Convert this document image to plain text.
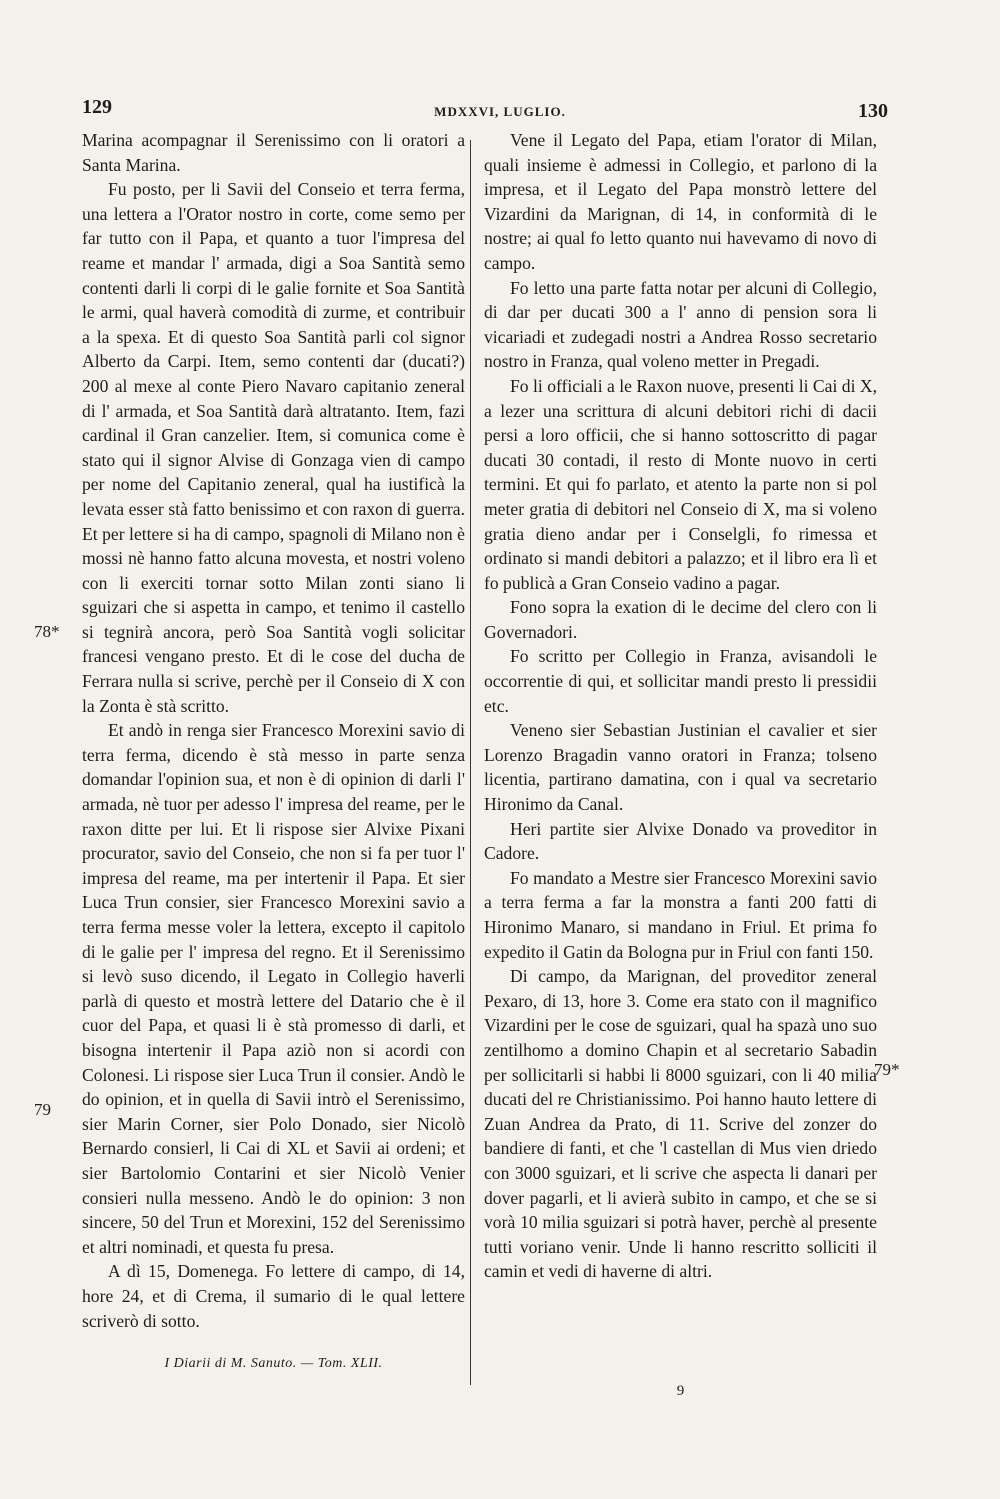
129	MDXXVI, LUGLIO.	130

Marina acompagnar il Serenissimo con li oratori a Santa Marina.

Fu posto, per li Savii del Conseio et terra ferma, una lettera a l'Orator nostro in corte, come semo per far tutto con il Papa, et quanto a tuor l'impresa del reame et mandar l' armada, digi a Soa Santità semo contenti darli li corpi di le galie fornite et Soa Santità le armi, qual haverà comodità di zurme, et contribuir a la spexa. Et di questo Soa Santità parli col signor Alberto da Carpi. Item, semo contenti dar (ducati?) 200 al mexe al conte Piero Navaro capitanio zeneral di l' armada, et Soa Santità darà altratanto. Item, fazi cardinal il Gran canzelier. Item, si comunica come è stato qui il signor Alvise di Gonzaga vien di campo per nome del Capitanio zeneral, qual ha iustificà la levata esser stà fatto benissimo et con raxon di guerra. Et per lettere si ha di campo, spagnoli di Milano non è mossi nè hanno fatto alcuna movesta, et nostri voleno con li exerciti tornar sotto Milan zonti siano li sguizari che si aspetta in campo, et tenimo il castello si tegnirà ancora, però Soa Santità vogli solicitar francesi vengano presto. Et di le cose del ducha de Ferrara nulla si scrive, perchè per il Conseio di X con la Zonta è stà scritto.

Et andò in renga sier Francesco Morexini savio di terra ferma, dicendo è stà messo in parte senza domandar l'opinion sua, et non è di opinion di darli l' armada, nè tuor per adesso l' impresa del reame, per le raxon ditte per lui. Et li rispose sier Alvixe Pixani procurator, savio del Conseio, che non si fa per tuor l' impresa del reame, ma per intertenir il Papa. Et sier Luca Trun consier, sier Francesco Morexini savio a terra ferma messe voler la lettera, excepto il capitolo di le galie per l' impresa del regno. Et il Serenissimo si levò suso dicendo, il Legato in Collegio haverli parlà di questo et mostrà lettere del Datario che è il cuor del Papa, et quasi li è stà promesso di darli, et bisogna intertenir il Papa aziò non si acordi con Colonesi. Li rispose sier Luca Trun il consier. Andò le do opinion, et in quella di Savii intrò el Serenissimo, sier Marin Corner, sier Polo Donado, sier Nicolò Bernardo consierl, li Cai di XL et Savii ai ordeni; et sier Bartolomio Contarini et sier Nicolò Venier consieri nulla messeno. Andò le do opinion: 3 non sincere, 50 del Trun et Morexini, 152 del Serenissimo et altri nominadi, et questa fu presa.

A dì 15, Domenega. Fo lettere di campo, di 14, hore 24, et di Crema, il sumario di le qual lettere scriverò di sotto.

Vene il Legato del Papa, etiam l'orator di Milan, quali insieme è admessi in Collegio, et parlono di la impresa, et il Legato del Papa monstrò lettere del Vizardini da Marignan, di 14, in conformità di le nostre; ai qual fo letto quanto nui havevamo di novo di campo.

Fo letto una parte fatta notar per alcuni di Collegio, di dar per ducati 300 a l' anno di pension sora li vicariadi et zudegadi nostri a Andrea Rosso secretario nostro in Franza, qual voleno metter in Pregadi.

Fo li officiali a le Raxon nuove, presenti li Cai di X, a lezer una scrittura di alcuni debitori richi di dacii persi a loro officii, che si hanno sottoscritto di pagar ducati 30 contadi, il resto di Monte nuovo in certi termini. Et qui fo parlato, et atento la parte non si pol meter gratia di debitori nel Conseio di X, ma si voleno gratia dieno andar per i Conselgli, fo rimessa et ordinato si mandi debitori a palazzo; et il libro era lì et fo publicà a Gran Conseio vadino a pagar.

Fono sopra la exation di le decime del clero con li Governadori.

Fo scritto per Collegio in Franza, avisandoli le occorrentie di qui, et sollicitar mandi presto li pressidii etc.

Veneno sier Sebastian Justinian el cavalier et sier Lorenzo Bragadin vanno oratori in Franza; tolseno licentia, partirano damatina, con i qual va secretario Hironimo da Canal.

Heri partite sier Alvixe Donado va proveditor in Cadore.

Fo mandato a Mestre sier Francesco Morexini savio a terra ferma a far la monstra a fanti 200 fatti di Hironimo Manaro, si mandano in Friul. Et prima fo expedito il Gatin da Bologna pur in Friul con fanti 150.

Di campo, da Marignan, del proveditor zeneral Pexaro, di 13, hore 3. Come era stato con il magnifico Vizardini per le cose de sguizari, qual ha spazà uno suo zentilhomo a domino Chapin et al secretario Sabadin per sollicitarli si habbi li 8000 sguizari, con li 40 milia ducati del re Christianissimo. Poi hanno hauto lettere di Zuan Andrea da Prato, di 11. Scrive del zonzer do bandiere di fanti, et che 'l castellan di Mus vien driedo con 3000 sguizari, et li scrive che aspecta li danari per dover pagarli, et li avierà subito in campo, et che se si vorà 10 milia sguizari si potrà haver, perchè al presente tutti voriano venir. Unde li hanno rescritto solliciti il camin et vedi di haverne di altri.

78*
79
79*
I Diarii di M. Sanuto. — Tom. XLII.
9
